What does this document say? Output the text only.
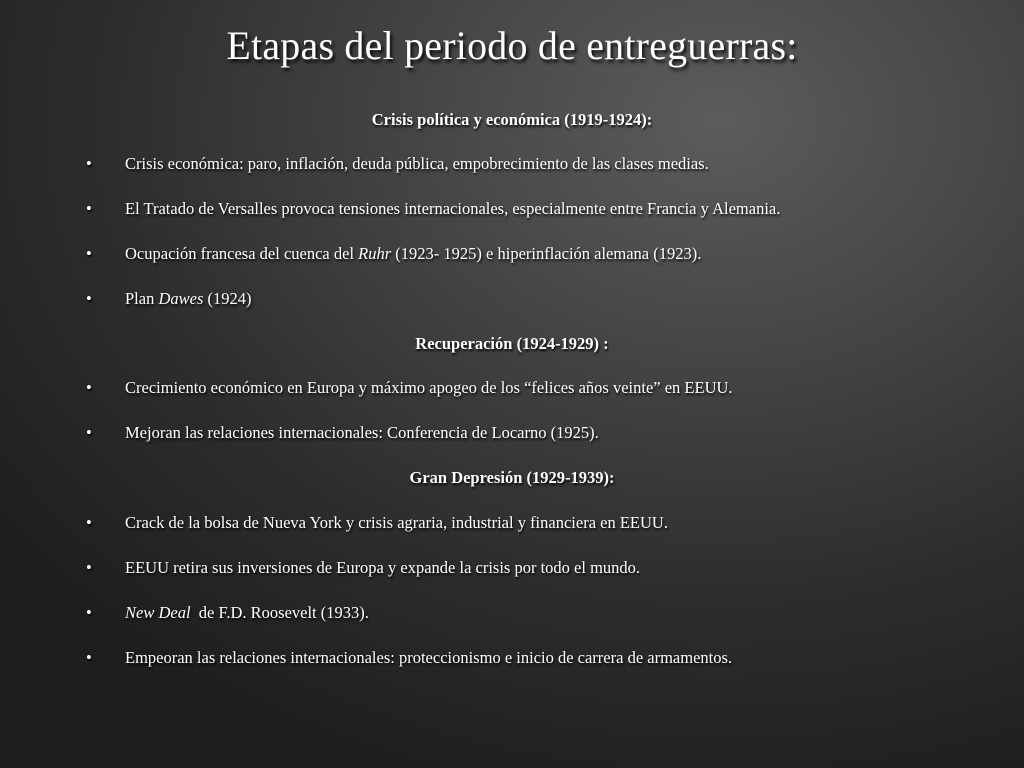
Etapas del periodo de entreguerras:
Crisis política y económica (1919-1924):
• Crisis económica: paro, inflación, deuda pública, empobrecimiento de las clases medias.
• El Tratado de Versalles provoca tensiones internacionales, especialmente entre Francia y Alemania.
• Ocupación francesa del cuenca del Ruhr (1923- 1925) e hiperinflación alemana (1923).
• Plan Dawes (1924)
Recuperación (1924-1929) :
• Crecimiento económico en Europa y máximo apogeo de los “felices años veinte” en EEUU.
• Mejoran las relaciones internacionales: Conferencia de Locarno (1925).
Gran Depresión (1929-1939):
• Crack de la bolsa de Nueva York y crisis agraria, industrial y financiera en EEUU.
• EEUU retira sus inversiones de Europa y expande la crisis por todo el mundo.
• New Deal  de F.D. Roosevelt (1933).
• Empeoran las relaciones internacionales: proteccionismo e inicio de carrera de armamentos.
